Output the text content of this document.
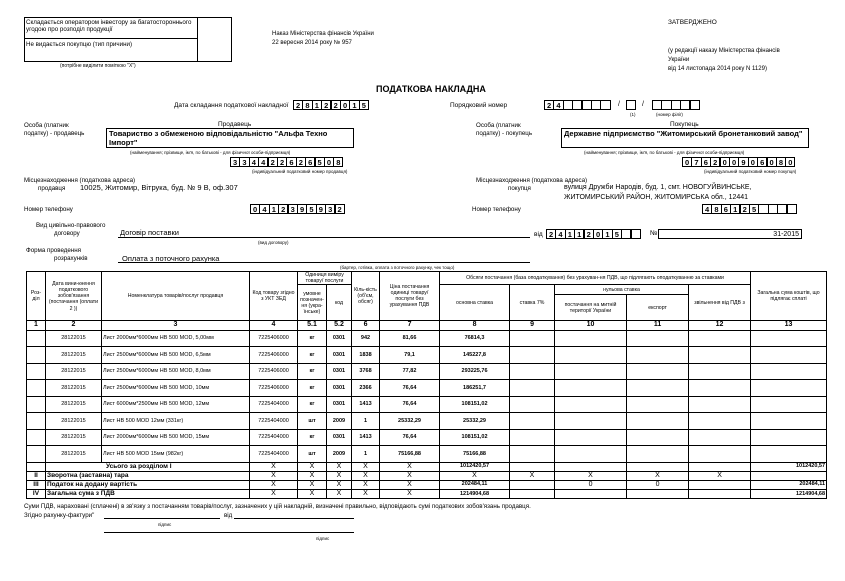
Складається оператором інвестору за багатостороннього угодою про розподіл продукції
Не видається покупцю (тип причини)
(потрібне виділити поміткою "Х")
Наказ Міністерства фінансів України
22 вересня 2014 року № 957
ЗАТВЕРДЖЕНО
(у редакції наказу Міністерства фінансів
України
від 14 листопада 2014 року N 1129)
ПОДАТКОВА НАКЛАДНА
Дата складання податкової накладної	2 8 1 2 2 0 1 5	Порядковий номер	2 4	/	/
(1)	(номер філії)
Особа (платник
податку) - продавець
Продавець
Товариство з обмеженою відповідальністю "Альфа Техно Імпорт"
(найменування; прізвище, ім'я, по батькові - для фізичної особи-підприємця)
3 3 4 4 2 2 6 2 6 5 0 8
(індивідуальний податковий номер продавця)
Місцезнаходження (податкова адреса)
продавця 10025, Житомир, Вітрука, буд. № 9 В, оф.307
Номер телефону	0 4 1 2 3 9 5 9 3 2
Особа (платник
податку) - покупець
Покупець
Державне підприємство "Житомирський бронетанковий завод"
(найменування; прізвище, ім'я, по батькові - для фізичної особи-підприємця)
0 7 6 2 0 0 9 0 6 0 8 0
(індивідуальний податковий номер покупця)
Місцезнаходження (податкова адреса)
покупця	вулиця Дружби Народів, буд. 1, смт. НОВОГУЙВИНСЬКЕ,
ЖИТОМИРСЬКИЙ РАЙОН, ЖИТОМИРСЬКА обл., 12441
Номер телефону	4 8 6 1 2 5
Вид цивільно-правового
договору	Договір поставки
(вид договору)
від 2 4 1 1 2 0 1 5	№	31-2015
Форма проведення
розрахунків	Оплата з поточного рахунка
(бартер, готівка, оплата з поточного рахунку, чек тощо)
Роз-діл	Дата вини-кнення податкового зобов'язання (постачання (оплати 2 ))	Номенклатура товарів/послуг продавця	Код товару згідно з УКТ ЗЕД	Одиниця виміру товару/ послуги		Кіль-кість (об'єм, обсяг)	Ціна постачання одиниці товару/ послуги без урахування ПДВ	Обсяги постачання (база оподаткування) без урахуван-ня ПДВ, що підлягають оподаткуванню за ставками					Загальна сума коштів, що підлягає сплаті
				умовне позначен-ня (укра-їнське)	код			основна ставка	ставка 7%	нульова ставка		звільнення від ПДВ з	
										постачання на митній території України	експорт		
1	2	3	4	5.1	5.2	6	7	8	9	10	11	12	13
	28122015	Лист 2000мм*6000мм НВ 500 MOD, 5,00мм	7225406000	кг	0301	942	81,66	76814,3					
	28122015	Лист 2500мм*6000мм НВ 500 MOD, 6,5мм	7225406000	кг	0301	1838	79,1	145227,8					
	28122015	Лист 2500мм*6000мм НВ 500 MOD, 8,0мм	7225406000	кг	0301	3768	77,82	293225,76					
	28122015	Лист 2500мм*6000мм НВ 500 MOD, 10мм	7225406000	кг	0301	2366	76,64	186251,7					
	28122015	Лист 6000мм*2500мм НВ 500 MOD, 12мм	7225404000	кг	0301	1413	76,64	108151,02					
	28122015	Лист НВ 500 MOD 12мм (331кг)	7225404000	шт	2009	1	25332,29	25332,29					
	28122015	Лист 2000мм*6000мм НВ 500 MOD, 15мм	7225404000	кг	0301	1413	76,64	108151,02					
	28122015	Лист НВ 500 MOD 15мм (982кг)	7225404000	шт	2009	1	75166,88	75166,88					
	Усього за розділом І		Х	Х	Х	Х	Х	1012420,57					1012420,57
ІІ	Зворотна (заставна) тара		Х	Х	Х	Х	Х	Х	Х	Х	Х	Х	
ІІІ	Податок на додану вартість		Х	Х	Х	Х	Х	202484,11		0	0		202484,11
ІV	Загальна сума з ПДВ		Х	Х	Х	Х	Х	1214904,68					1214904,68
Суми ПДВ, нараховані (сплачені) в зв'язку з постачанням товарів/послуг, зазначених у цій накладній, визначені правильно, відповідають сумі податкових зобов'язань продавця.
Згідно рахунку-фактури"	від
підпис
підпис
